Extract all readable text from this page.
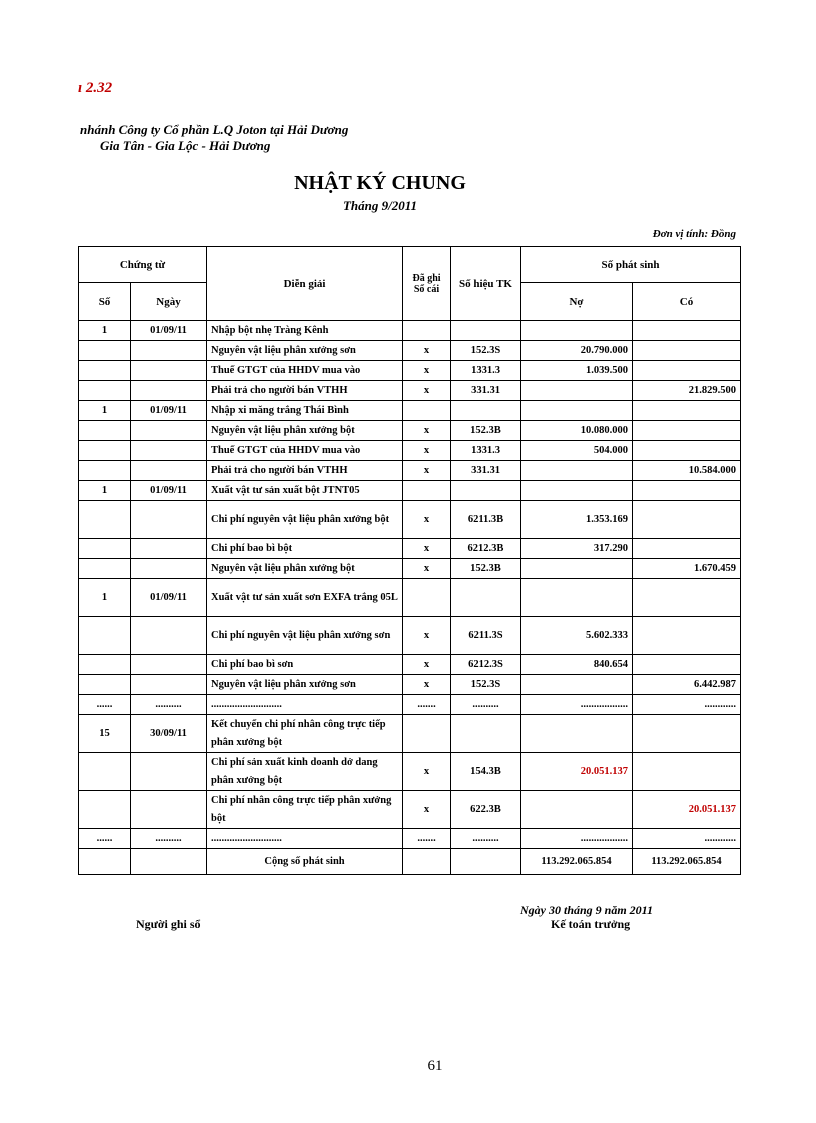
ı 2.32
nhánh Công ty Cổ phần L.Q Joton tại Hải Dương
Gia Tân - Gia Lộc - Hải Dương
NHẬT KÝ CHUNG
Tháng 9/2011
Đơn vị tính: Đồng
Chứng từ		Diễn giải	Đã ghi Sổ cái	Số hiệu TK	Số phát sinh	
Số	Ngày				Nợ	Có
1	01/09/11	Nhập bột nhẹ Tràng Kênh				
		Nguyên vật liệu phân xưởng sơn	x	152.3S	20.790.000	
		Thuế GTGT của HHDV mua vào	x	1331.3	1.039.500	
		Phải trả cho người bán VTHH	x	331.31		21.829.500
1	01/09/11	Nhập xi măng trắng Thái Bình				
		Nguyên vật liệu phân xưởng bột	x	152.3B	10.080.000	
		Thuế GTGT của HHDV mua vào	x	1331.3	504.000	
		Phải trả cho người bán VTHH	x	331.31		10.584.000
1	01/09/11	Xuất vật tư sản xuất bột JTNT05				
		Chi phí nguyên vật liệu phân xưởng bột	x	6211.3B	1.353.169	
		Chi phí bao bì bột	x	6212.3B	317.290	
		Nguyên vật liệu phân xưởng bột	x	152.3B		1.670.459
1	01/09/11	Xuất vật tư sản xuất sơn EXFA trắng 05L				
		Chi phí nguyên vật liệu phân xưởng sơn	x	6211.3S	5.602.333	
		Chi phí bao bì sơn	x	6212.3S	840.654	
		Nguyên vật liệu phân xưởng sơn	x	152.3S		6.442.987
......	..........	...........................	.......	..........	..................	............
15	30/09/11	Kết chuyển chi phí nhân công trực tiếp phân xưởng bột				
		Chi phí sản xuất kinh doanh dở dang phân xưởng bột	x	154.3B	20.051.137	
		Chi phí nhân công trực tiếp phân xưởng bột	x	622.3B		20.051.137
......	..........	...........................	.......	..........	..................	............
		Cộng số phát sinh			113.292.065.854	113.292.065.854
Ngày 30 tháng 9 năm 2011
Người ghi sổ	Kế toán trưởng
61
